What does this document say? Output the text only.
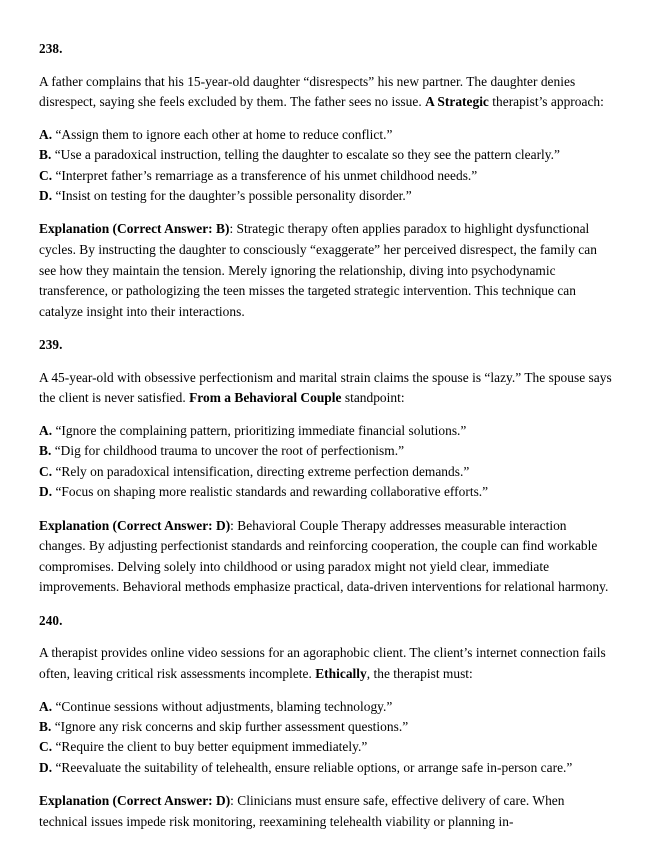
238.

A father complains that his 15-year-old daughter “disrespects” his new partner. The daughter denies disrespect, saying she feels excluded by them. The father sees no issue. A Strategic therapist’s approach:

A. “Assign them to ignore each other at home to reduce conflict.”
B. “Use a paradoxical instruction, telling the daughter to escalate so they see the pattern clearly.”
C. “Interpret father’s remarriage as a transference of his unmet childhood needs.”
D. “Insist on testing for the daughter’s possible personality disorder.”

Explanation (Correct Answer: B): Strategic therapy often applies paradox to highlight dysfunctional cycles. By instructing the daughter to consciously “exaggerate” her perceived disrespect, the family can see how they maintain the tension. Merely ignoring the relationship, diving into psychodynamic transference, or pathologizing the teen misses the targeted strategic intervention. This technique can catalyze insight into their interactions.

239.

A 45-year-old with obsessive perfectionism and marital strain claims the spouse is “lazy.” The spouse says the client is never satisfied. From a Behavioral Couple standpoint:

A. “Ignore the complaining pattern, prioritizing immediate financial solutions.”
B. “Dig for childhood trauma to uncover the root of perfectionism.”
C. “Rely on paradoxical intensification, directing extreme perfection demands.”
D. “Focus on shaping more realistic standards and rewarding collaborative efforts.”

Explanation (Correct Answer: D): Behavioral Couple Therapy addresses measurable interaction changes. By adjusting perfectionist standards and reinforcing cooperation, the couple can find workable compromises. Delving solely into childhood or using paradox might not yield clear, immediate improvements. Behavioral methods emphasize practical, data-driven interventions for relational harmony.

240.

A therapist provides online video sessions for an agoraphobic client. The client’s internet connection fails often, leaving critical risk assessments incomplete. Ethically, the therapist must:

A. “Continue sessions without adjustments, blaming technology.”
B. “Ignore any risk concerns and skip further assessment questions.”
C. “Require the client to buy better equipment immediately.”
D. “Reevaluate the suitability of telehealth, ensure reliable options, or arrange safe in-person care.”

Explanation (Correct Answer: D): Clinicians must ensure safe, effective delivery of care. When technical issues impede risk monitoring, reexamining telehealth viability or planning in-
